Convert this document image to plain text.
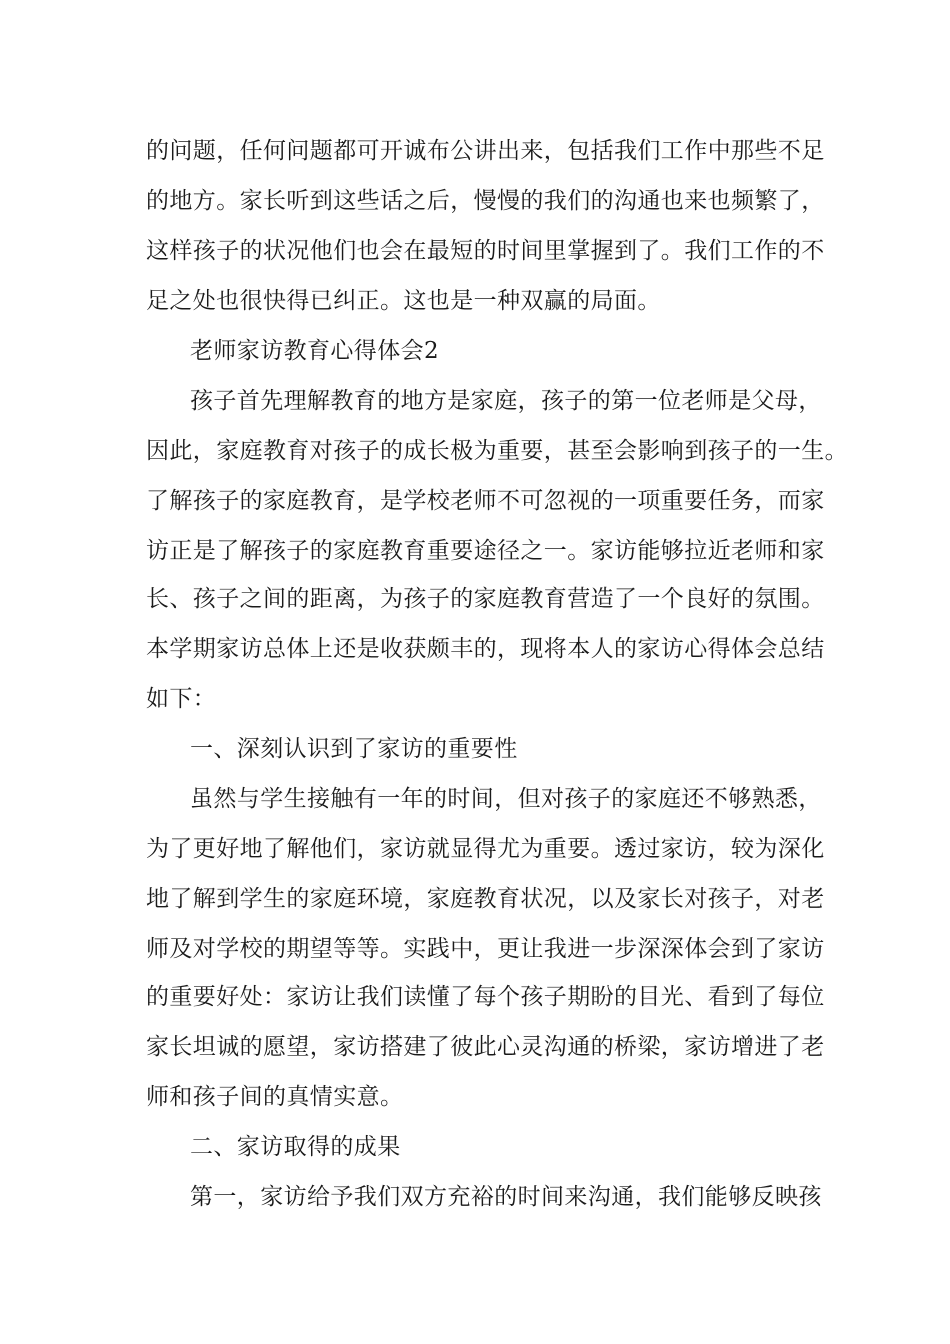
的问题，任何问题都可开诚布公讲出来，包括我们工作中那些不足
的地方。家长听到这些话之后，慢慢的我们的沟通也来也频繁了，
这样孩子的状况他们也会在最短的时间里掌握到了。我们工作的不
足之处也很快得已纠正。这也是一种双赢的局面。
老师家访教育心得体会2
孩子首先理解教育的地方是家庭，孩子的第一位老师是父母，
因此，家庭教育对孩子的成长极为重要，甚至会影响到孩子的一生。
了解孩子的家庭教育，是学校老师不可忽视的一项重要任务，而家
访正是了解孩子的家庭教育重要途径之一。家访能够拉近老师和家
长、孩子之间的距离，为孩子的家庭教育营造了一个良好的氛围。
本学期家访总体上还是收获颇丰的，现将本人的家访心得体会总结
如下：
一、深刻认识到了家访的重要性
虽然与学生接触有一年的时间，但对孩子的家庭还不够熟悉，
为了更好地了解他们，家访就显得尤为重要。透过家访，较为深化
地了解到学生的家庭环境，家庭教育状况，以及家长对孩子，对老
师及对学校的期望等等。实践中，更让我进一步深深体会到了家访
的重要好处：家访让我们读懂了每个孩子期盼的目光、看到了每位
家长坦诚的愿望，家访搭建了彼此心灵沟通的桥梁，家访增进了老
师和孩子间的真情实意。
二、家访取得的成果
第一，家访给予我们双方充裕的时间来沟通，我们能够反映孩
